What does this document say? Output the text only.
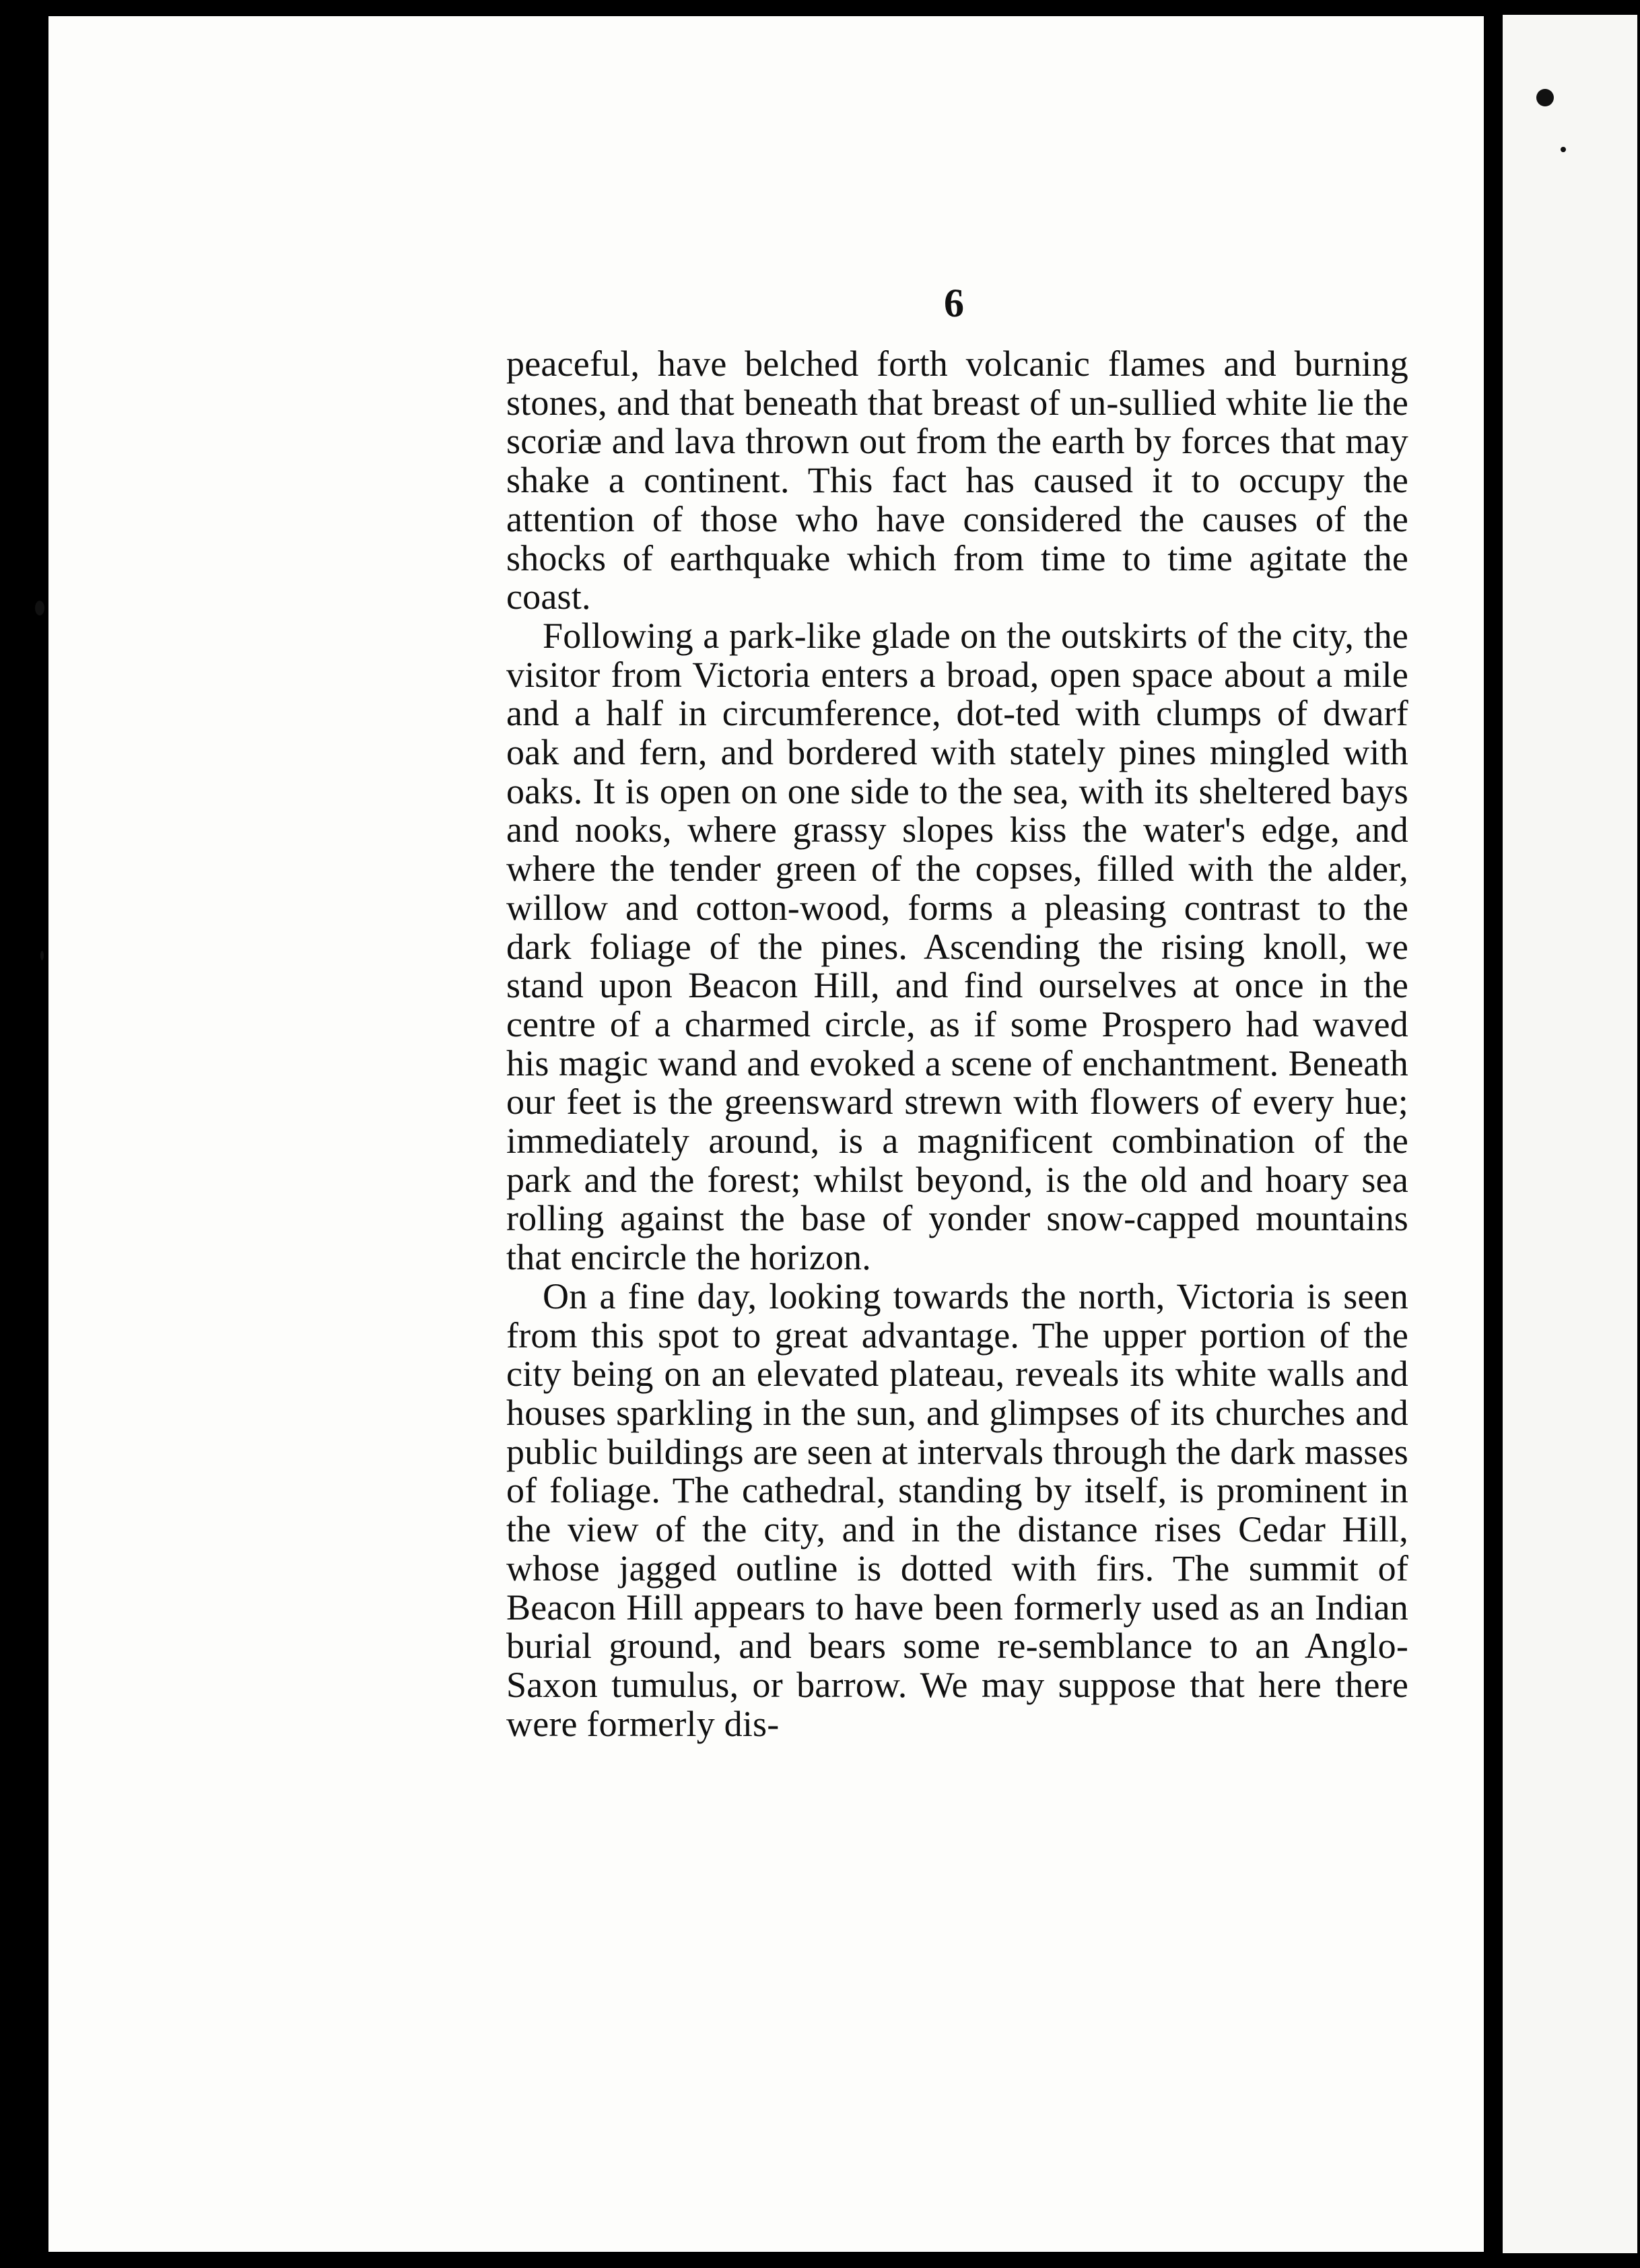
6

peaceful, have belched forth volcanic flames and burning stones, and that beneath that breast of un-sullied white lie the scoriæ and lava thrown out from the earth by forces that may shake a continent. This fact has caused it to occupy the attention of those who have considered the causes of the shocks of earthquake which from time to time agitate the coast.

Following a park-like glade on the outskirts of the city, the visitor from Victoria enters a broad, open space about a mile and a half in circumference, dot-ted with clumps of dwarf oak and fern, and bordered with stately pines mingled with oaks. It is open on one side to the sea, with its sheltered bays and nooks, where grassy slopes kiss the water's edge, and where the tender green of the copses, filled with the alder, willow and cotton-wood, forms a pleasing contrast to the dark foliage of the pines. Ascending the rising knoll, we stand upon Beacon Hill, and find ourselves at once in the centre of a charmed circle, as if some Prospero had waved his magic wand and evoked a scene of enchantment. Beneath our feet is the greensward strewn with flowers of every hue; immediately around, is a magnificent combination of the park and the forest; whilst beyond, is the old and hoary sea rolling against the base of yonder snow-capped mountains that encircle the horizon.

On a fine day, looking towards the north, Victoria is seen from this spot to great advantage. The upper portion of the city being on an elevated plateau, reveals its white walls and houses sparkling in the sun, and glimpses of its churches and public buildings are seen at intervals through the dark masses of foliage. The cathedral, standing by itself, is prominent in the view of the city, and in the distance rises Cedar Hill, whose jagged outline is dotted with firs. The summit of Beacon Hill appears to have been formerly used as an Indian burial ground, and bears some re-semblance to an Anglo-Saxon tumulus, or barrow. We may suppose that here there were formerly dis-
